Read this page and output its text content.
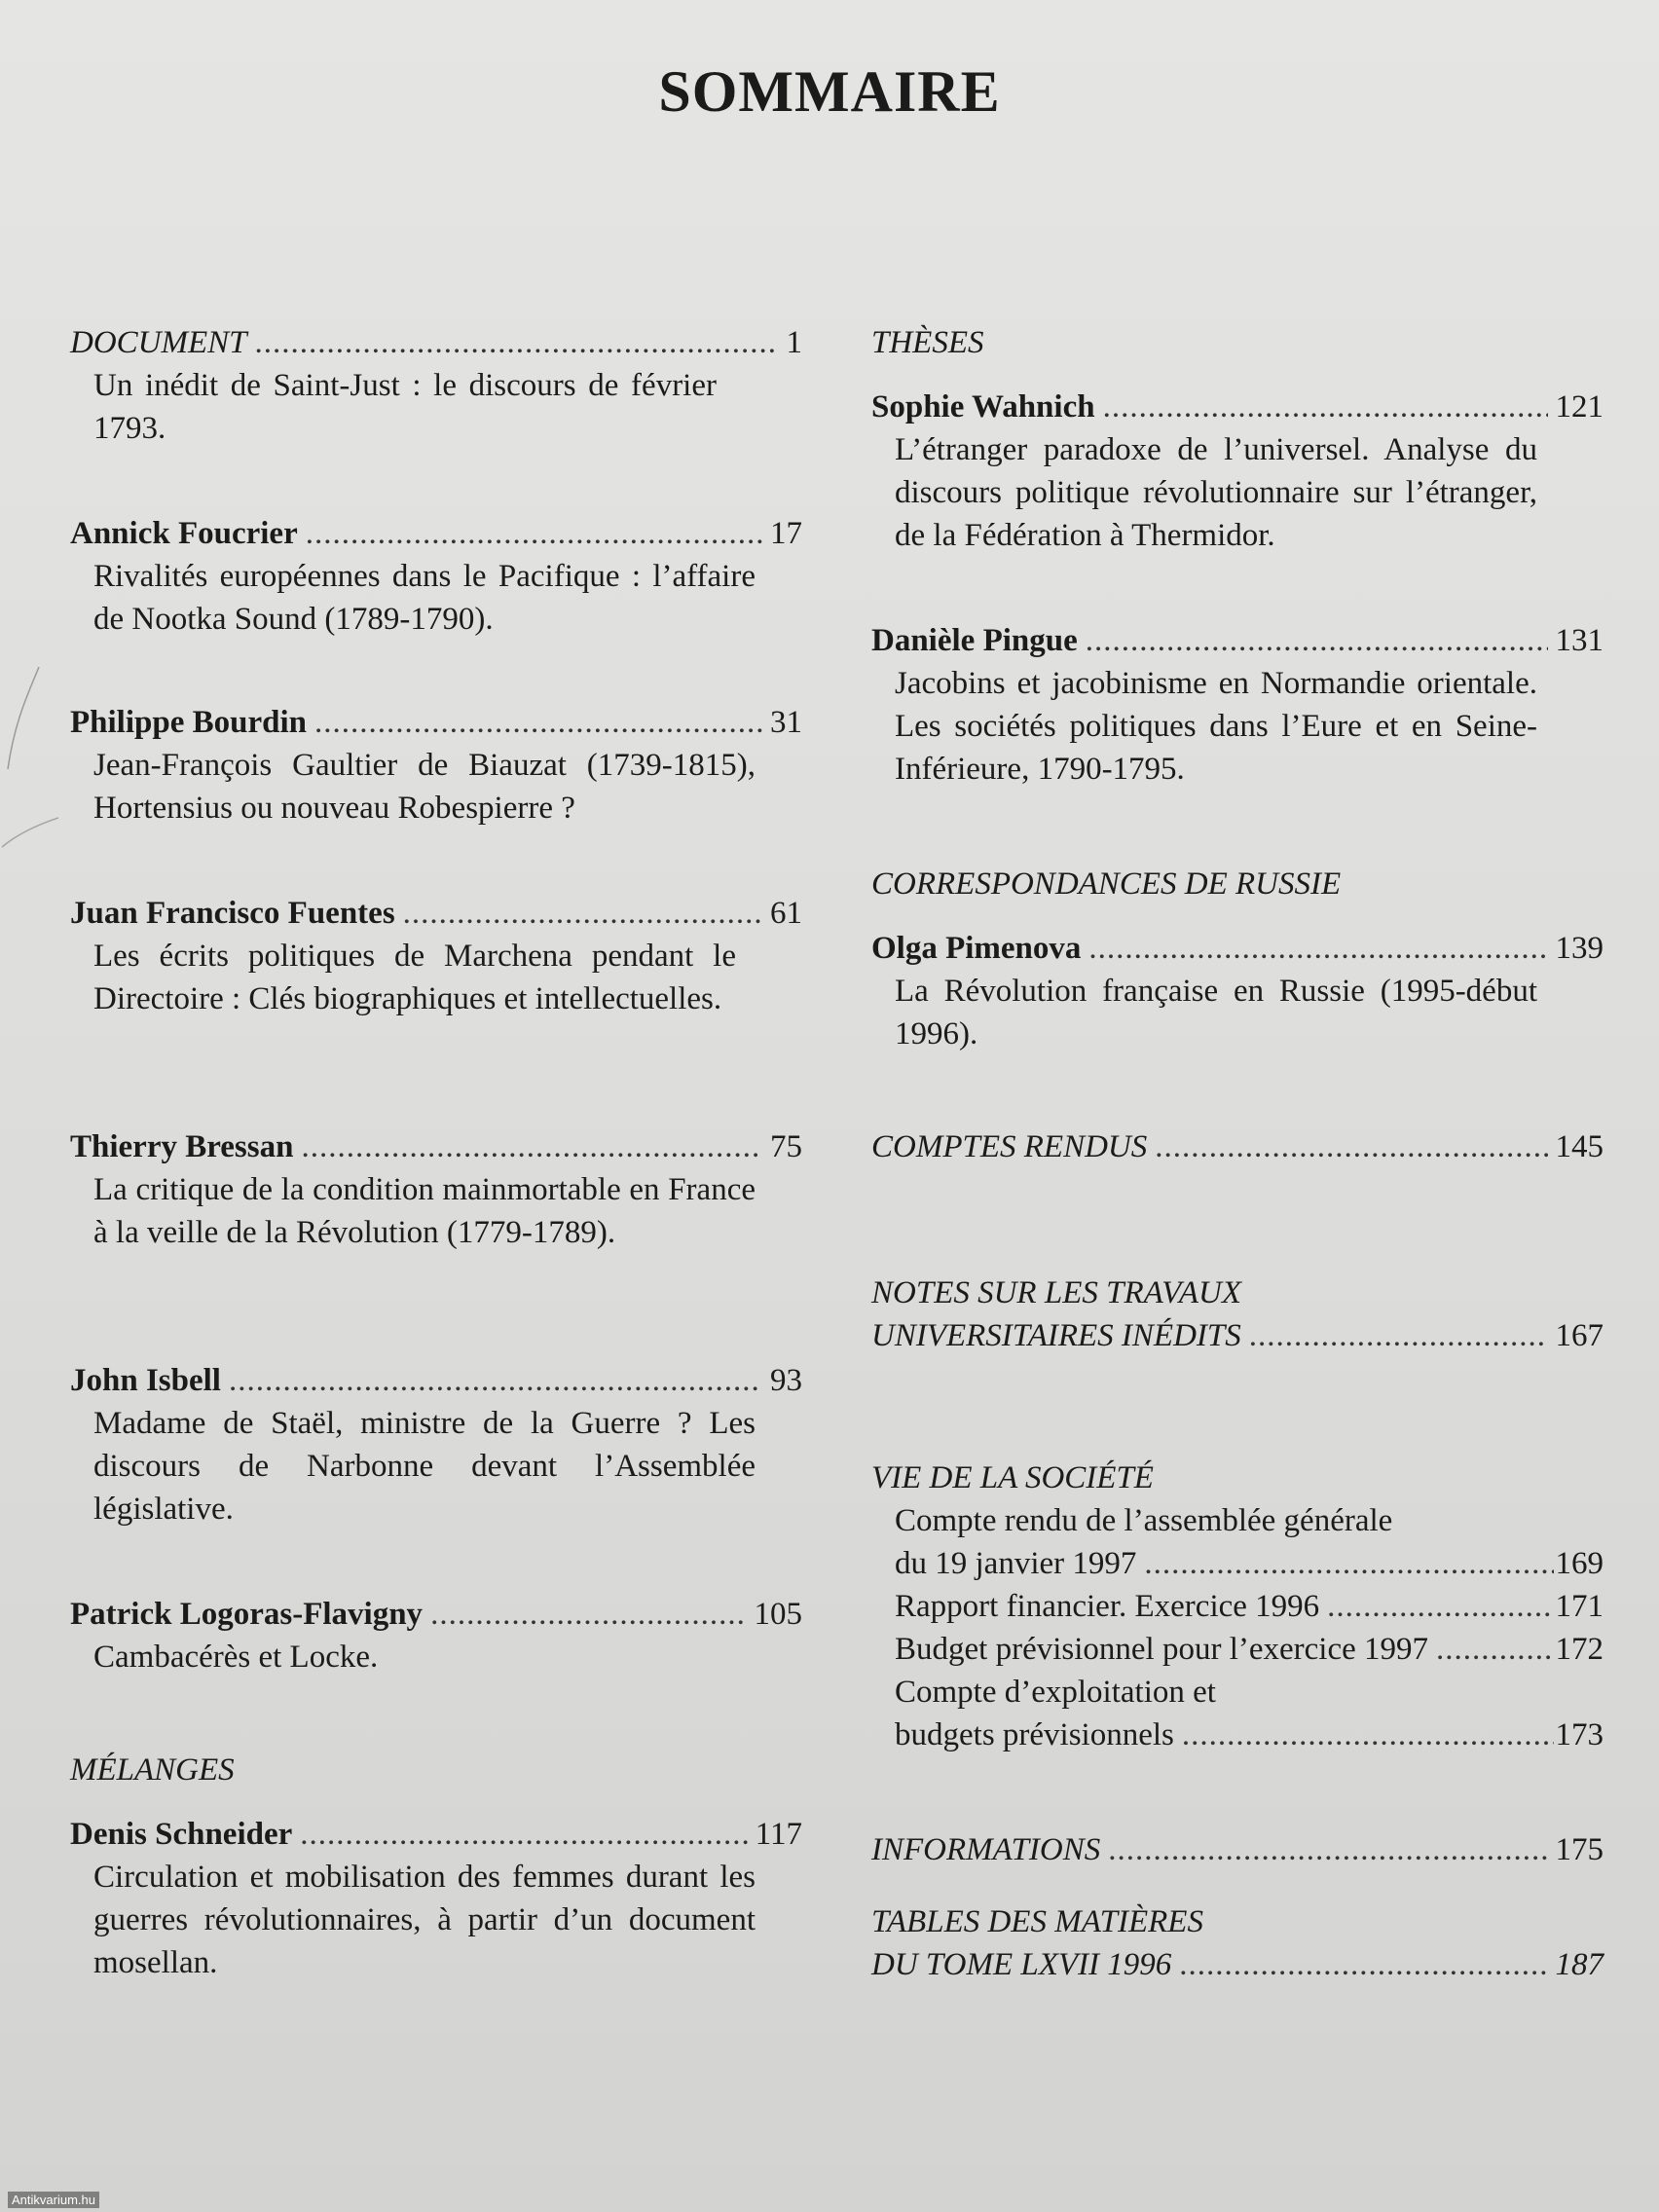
SOMMAIRE
DOCUMENT .....	1
Un inédit de Saint-Just : le discours de février 1793.
Annick Foucrier .....	17
Rivalités européennes dans le Pacifique : l’affaire de Nootka Sound (1789-1790).
Philippe Bourdin .....	31
Jean-François Gaultier de Biauzat (1739-1815), Hortensius ou nouveau Robespierre ?
Juan Francisco Fuentes .....	61
Les écrits politiques de Marchena pendant le Directoire : Clés biographiques et intellectuelles.
Thierry Bressan .....	75
La critique de la condition mainmortable en France à la veille de la Révolution (1779-1789).
John Isbell .....	93
Madame de Staël, ministre de la Guerre ? Les discours de Narbonne devant l’Assemblée législative.
Patrick Logoras-Flavigny .....	105
Cambacérès et Locke.
MÉLANGES
Denis Schneider .....	117
Circulation et mobilisation des femmes durant les guerres révolutionnaires, à partir d’un document mosellan.
THÈSES
Sophie Wahnich .....	121
L’étranger paradoxe de l’universel. Analyse du discours politique révolutionnaire sur l’étranger, de la Fédération à Thermidor.
Danièle Pingue .....	131
Jacobins et jacobinisme en Normandie orientale. Les sociétés politiques dans l’Eure et en Seine-Inférieure, 1790-1795.
CORRESPONDANCES DE RUSSIE
Olga Pimenova .....	139
La Révolution française en Russie (1995-début 1996).
COMPTES RENDUS .....	145
NOTES SUR LES TRAVAUX
UNIVERSITAIRES INÉDITS .....	167
VIE DE LA SOCIÉTÉ
Compte rendu de l’assemblée générale
du 19 janvier 1997 .....	169
Rapport financier. Exercice 1996 .....	171
Budget prévisionnel pour l’exercice 1997 .....	172
Compte d’exploitation et
budgets prévisionnels .....	173
INFORMATIONS .....	175
TABLES DES MATIÈRES
DU TOME LXVII 1996 .....	187
Antikvarium.hu
